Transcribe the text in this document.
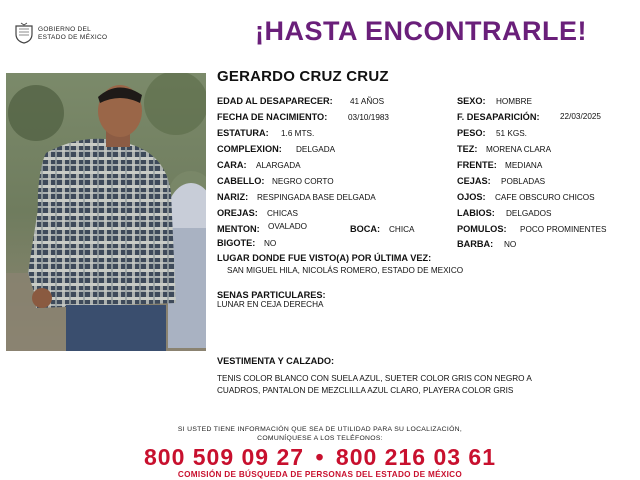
GOBIERNO DEL
ESTADO DE MÉXICO	¡HASTA ENCONTRARLE!
GERARDO CRUZ CRUZ
EDAD AL DESAPARECER: 41 AÑOS
FECHA DE NACIMIENTO:	03/10/1983
ESTATURA: 1.6 MTS.
COMPLEXION: DELGADA
CARA: ALARGADA
CABELLO: NEGRO CORTO
NARIZ: RESPINGADA BASE DELGADA
OREJAS: CHICAS
MENTON: OVALADO	BOCA: CHICA
BIGOTE: NO
SEXO: HOMBRE
F. DESAPARICIÓN: 22/03/2025
PESO: 51 KGS.
TEZ: MORENA CLARA
FRENTE: MEDIANA
CEJAS: POBLADAS
OJOS: CAFE OBSCURO CHICOS
LABIOS: DELGADOS
POMULOS: POCO PROMINENTES
BARBA: NO
LUGAR DONDE FUE VISTO(A) POR ÚLTIMA VEZ:
SAN MIGUEL HILA, NICOLÁS ROMERO, ESTADO DE MEXICO
SENAS PARTICULARES:
LUNAR EN CEJA DERECHA
VESTIMENTA Y CALZADO:
TENIS COLOR BLANCO CON SUELA AZUL, SUETER COLOR GRIS CON NEGRO A
CUADROS, PANTALON DE MEZCLILLA AZUL CLARO, PLAYERA COLOR GRIS
SI USTED TIENE INFORMACIÓN QUE SEA DE UTILIDAD PARA SU LOCALIZACIÓN,
COMUNÍQUESE A LOS TELÉFONOS:
800 509 09 27 • 800 216 03 61
COMISIÓN DE BÚSQUEDA DE PERSONAS DEL ESTADO DE MÉXICO
